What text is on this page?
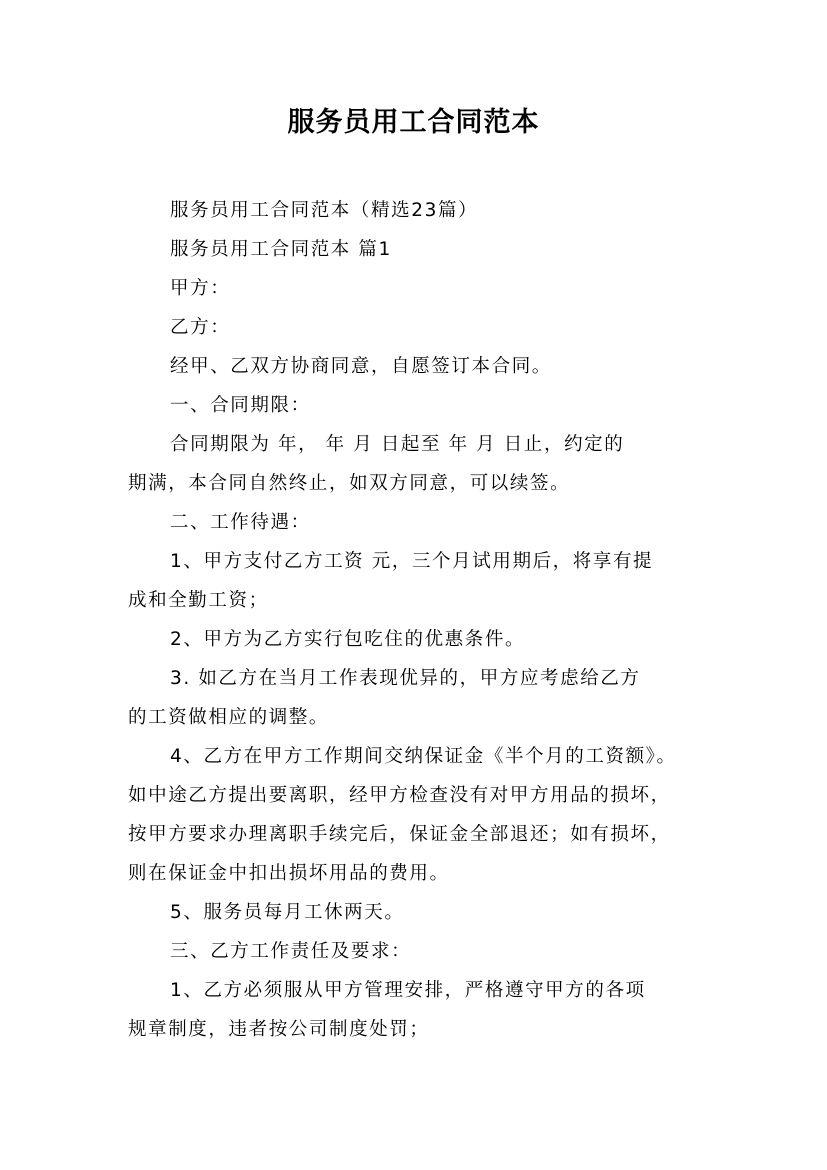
服务员用工合同范本
服务员用工合同范本（精选23篇）
服务员用工合同范本 篇1
甲方：
乙方：
经甲、乙双方协商同意，自愿签订本合同。
一、合同期限：
合同期限为 年， 年 月 日起至 年 月 日止，约定的
期满，本合同自然终止，如双方同意，可以续签。
二、工作待遇：
1、甲方支付乙方工资 元，三个月试用期后，将享有提
成和全勤工资；
2、甲方为乙方实行包吃住的优惠条件。
3. 如乙方在当月工作表现优异的，甲方应考虑给乙方
的工资做相应的调整。
4、乙方在甲方工作期间交纳保证金《半个月的工资额》。
如中途乙方提出要离职，经甲方检查没有对甲方用品的损坏，
按甲方要求办理离职手续完后，保证金全部退还；如有损坏，
则在保证金中扣出损坏用品的费用。
5、服务员每月工休两天。
三、乙方工作责任及要求：
1、乙方必须服从甲方管理安排，严格遵守甲方的各项
规章制度，违者按公司制度处罚；
